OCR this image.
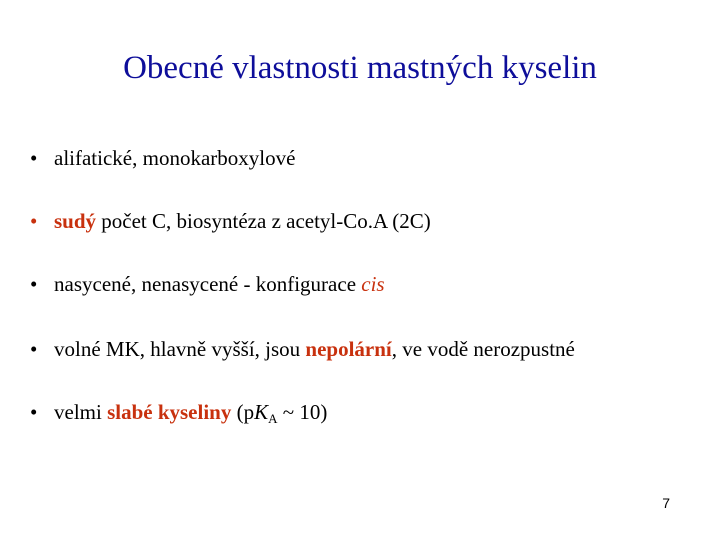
Obecné vlastnosti mastných kyselin
• alifatické, monokarboxylové
• sudý počet C, biosyntéza z acetyl-Co.A (2C)
• nasycené, nenasycené - konfigurace cis
• volné MK, hlavně vyšší, jsou nepolární, ve vodě nerozpustné
• velmi slabé kyseliny ($pK_A$ ~ 10)
7
